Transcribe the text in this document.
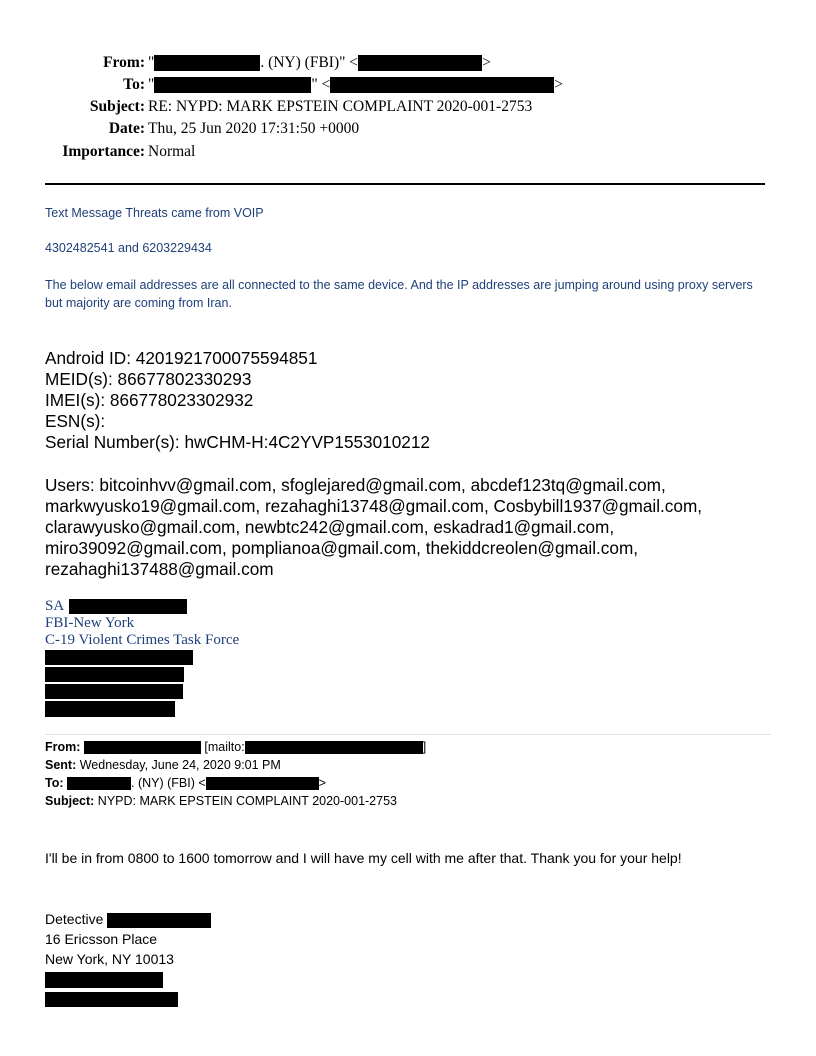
From: "	. (NY) (FBI)" <	>
To: "	" <	>
Subject: RE: NYPD: MARK EPSTEIN COMPLAINT 2020-001-2753
Date: Thu, 25 Jun 2020 17:31:50 +0000
Importance: Normal
Text Message Threats came from VOIP
4302482541 and 6203229434
The below email addresses are all connected to the same device. And the IP addresses are jumping around using proxy servers but majority are coming from Iran.
Android ID: 4201921700075594851
MEID(s): 86677802330293
IMEI(s): 866778023302932
ESN(s):
Serial Number(s): hwCHM-H:4C2YVP1553010212
Users: bitcoinhvv@gmail.com, sfoglejared@gmail.com, abcdef123tq@gmail.com,
markwyusko19@gmail.com, rezahaghi13748@gmail.com, Cosbybill1937@gmail.com,
clarawyusko@gmail.com, newbtc242@gmail.com, eskadrad1@gmail.com,
miro39092@gmail.com, pomplianoa@gmail.com, thekiddcreolen@gmail.com,
rezahaghi137488@gmail.com
SA
FBI-New York
C-19 Violent Crimes Task Force
From:	[mailto:	]
Sent: Wednesday, June 24, 2020 9:01 PM
To:	. (NY) (FBI) <	>
Subject: NYPD: MARK EPSTEIN COMPLAINT 2020-001-2753
I'll be in from 0800 to 1600 tomorrow and I will have my cell with me after that. Thank you for your help!
Detective
16 Ericsson Place
New York, NY 10013
